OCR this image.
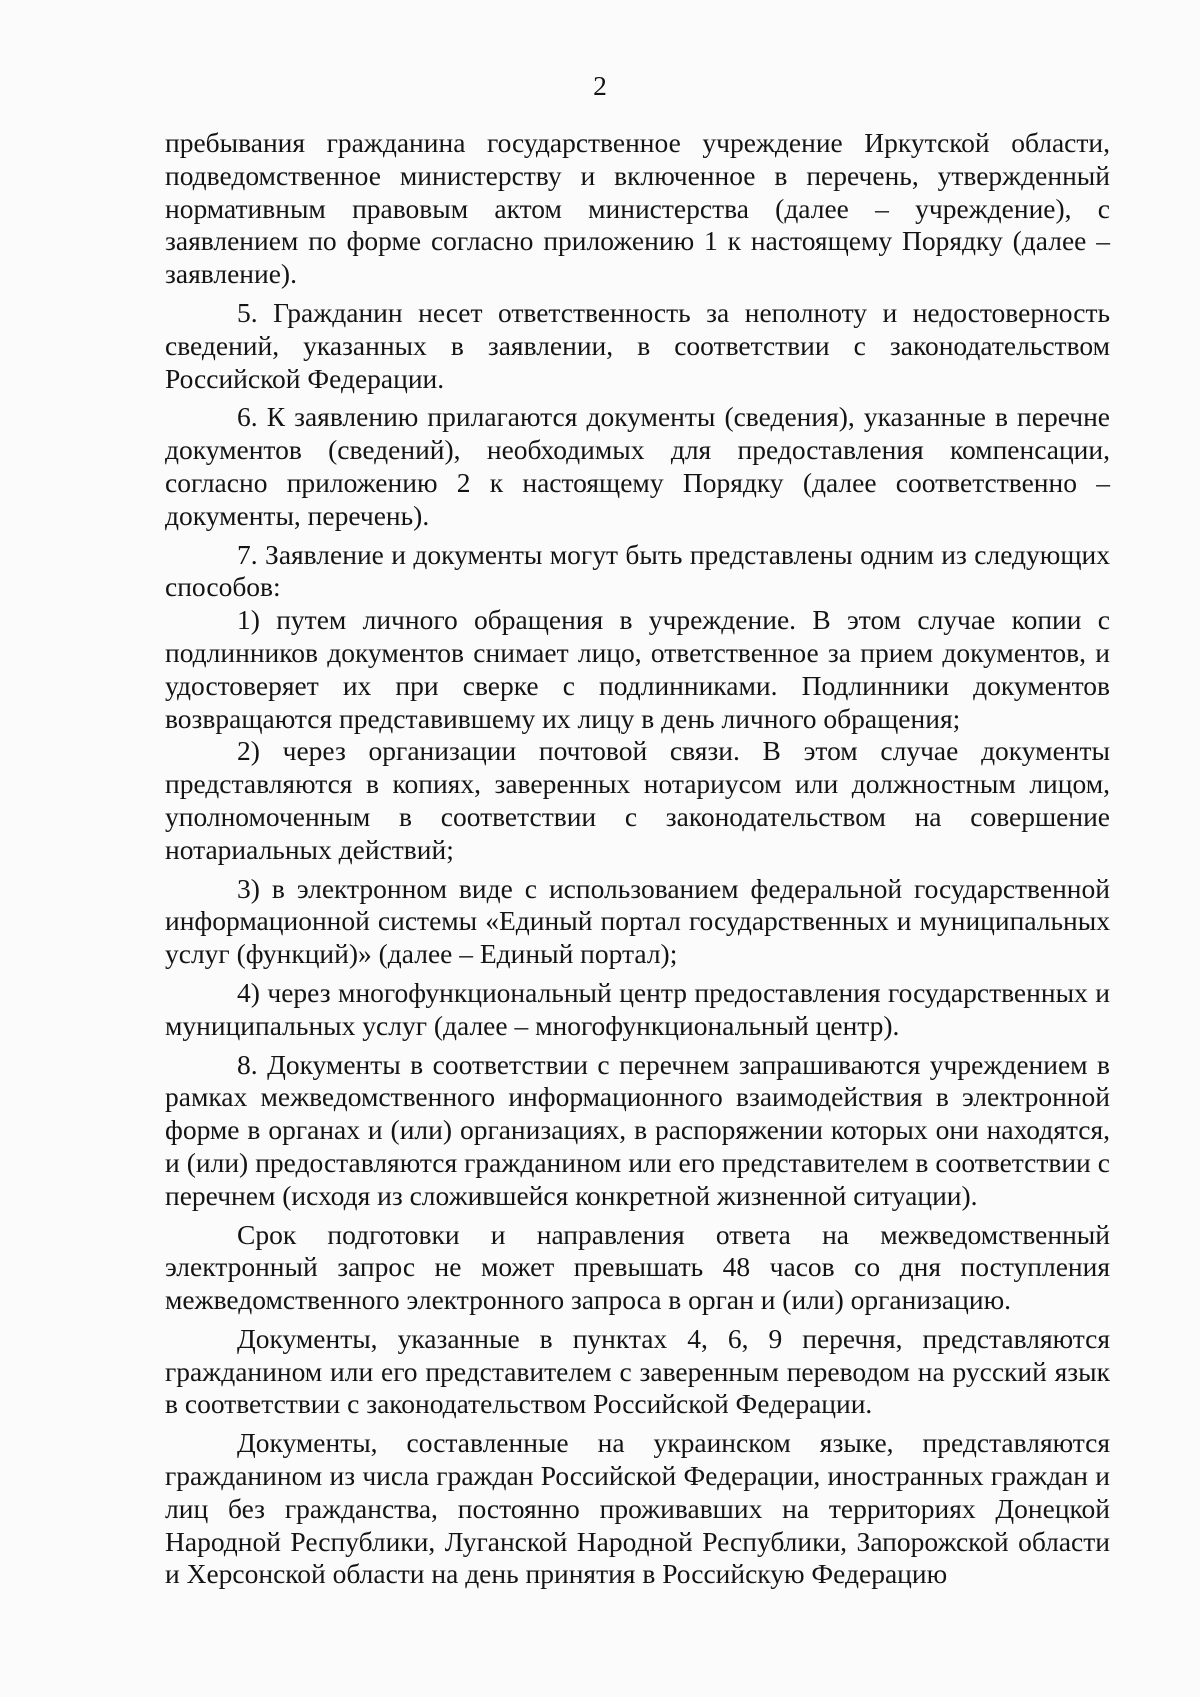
2

пребывания гражданина государственное учреждение Иркутской области, подведомственное министерству и включенное в перечень, утвержденный нормативным правовым актом министерства (далее – учреждение), с заявлением по форме согласно приложению 1 к настоящему Порядку (далее – заявление).

5. Гражданин несет ответственность за неполноту и недостоверность сведений, указанных в заявлении, в соответствии с законодательством Российской Федерации.

6. К заявлению прилагаются документы (сведения), указанные в перечне документов (сведений), необходимых для предоставления компенсации, согласно приложению 2 к настоящему Порядку (далее соответственно – документы, перечень).

7. Заявление и документы могут быть представлены одним из следующих способов:

1) путем личного обращения в учреждение. В этом случае копии с подлинников документов снимает лицо, ответственное за прием документов, и удостоверяет их при сверке с подлинниками. Подлинники документов возвращаются представившему их лицу в день личного обращения;

2) через организации почтовой связи. В этом случае документы представляются в копиях, заверенных нотариусом или должностным лицом, уполномоченным в соответствии с законодательством на совершение нотариальных действий;

3) в электронном виде с использованием федеральной государственной информационной системы «Единый портал государственных и муниципальных услуг (функций)» (далее – Единый портал);

4) через многофункциональный центр предоставления государственных и муниципальных услуг (далее – многофункциональный центр).

8. Документы в соответствии с перечнем запрашиваются учреждением в рамках межведомственного информационного взаимодействия в электронной форме в органах и (или) организациях, в распоряжении которых они находятся, и (или) предоставляются гражданином или его представителем в соответствии с перечнем (исходя из сложившейся конкретной жизненной ситуации).

Срок подготовки и направления ответа на межведомственный электронный запрос не может превышать 48 часов со дня поступления межведомственного электронного запроса в орган и (или) организацию.

Документы, указанные в пунктах 4, 6, 9 перечня, представляются гражданином или его представителем с заверенным переводом на русский язык в соответствии с законодательством Российской Федерации.

Документы, составленные на украинском языке, представляются гражданином из числа граждан Российской Федерации, иностранных граждан и лиц без гражданства, постоянно проживавших на территориях Донецкой Народной Республики, Луганской Народной Республики, Запорожской области и Херсонской области на день принятия в Российскую Федерацию
